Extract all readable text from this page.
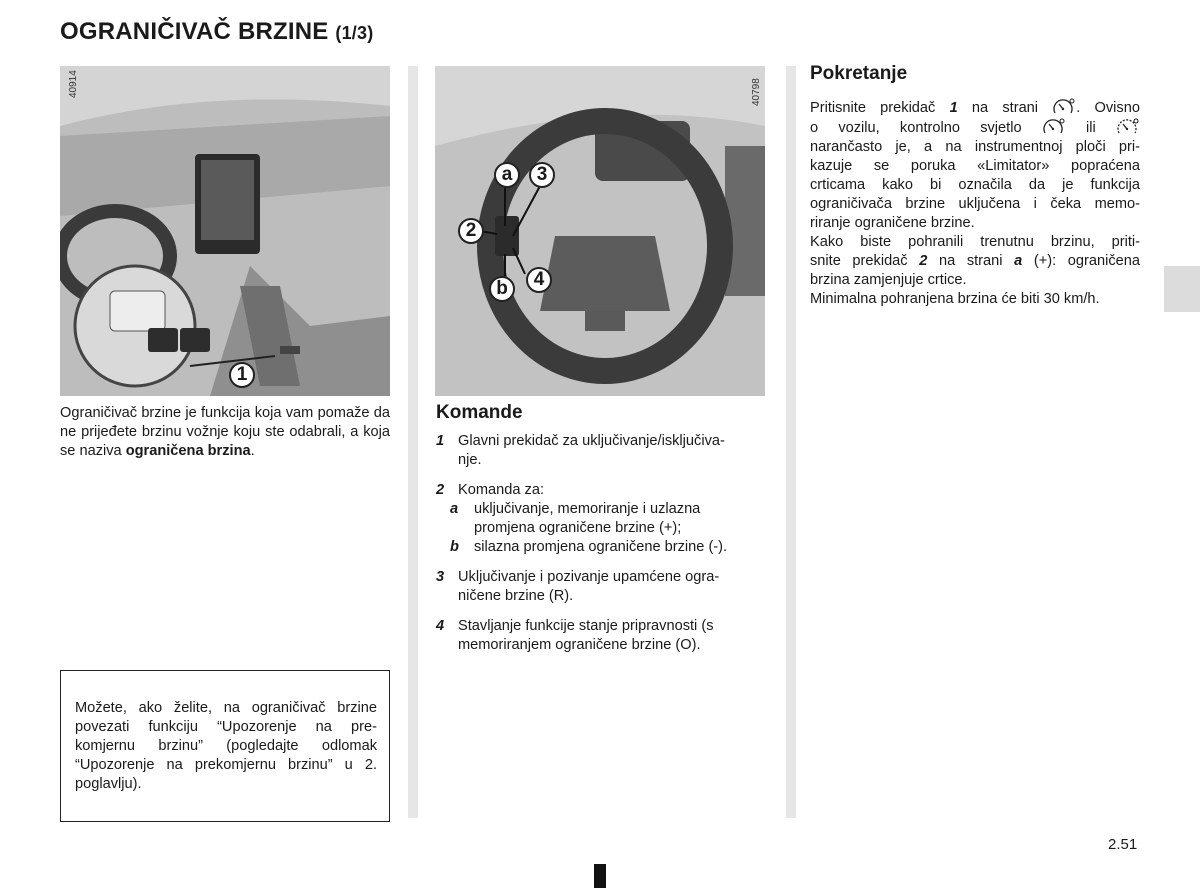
OGRANIČIVAČ BRZINE (1/3)
40914
1
40798
a	3
2
4
b
Ograničivač brzine je funkcija koja vam pomaže da ne prijeđete brzinu vožnje koju ste odabrali, a koja se naziva ograničena brzina.
Možete, ako želite, na ograničivač brzine povezati funkciju “Upozorenje na pre- komjernu brzinu” (pogledajte odlomak “Upozorenje na prekomjernu brzinu” u 2. poglavlju).
Komande
1 Glavni prekidač za uključivanje/isključiva-
nje.
2 Komanda za:
a uključivanje, memoriranje i uzlazna
promjena ograničene brzine (+);
b silazna promjena ograničene brzine (-).
3 Uključivanje i pozivanje upamćene ogra-
ničene brzine (R).
4 Stavljanje funkcije stanje pripravnosti (s
memoriranjem ograničene brzine (O).
Pokretanje
Pritisnite prekidač 1 na strani	. Ovisno
o vozilu, kontrolno svjetlo	ili
narančasto je, a na instrumentnoj ploči pri-
kazuje se poruka «Limitator» popraćena
crticama kako bi označila da je funkcija
ograničivača brzine uključena i čeka memo-
riranje ograničene brzine.
Kako biste pohranili trenutnu brzinu, priti-
snite prekidač 2 na strani a (+): ograničena
brzina zamjenjuje crtice.
Minimalna pohranjena brzina će biti 30 km/h.
2.51
